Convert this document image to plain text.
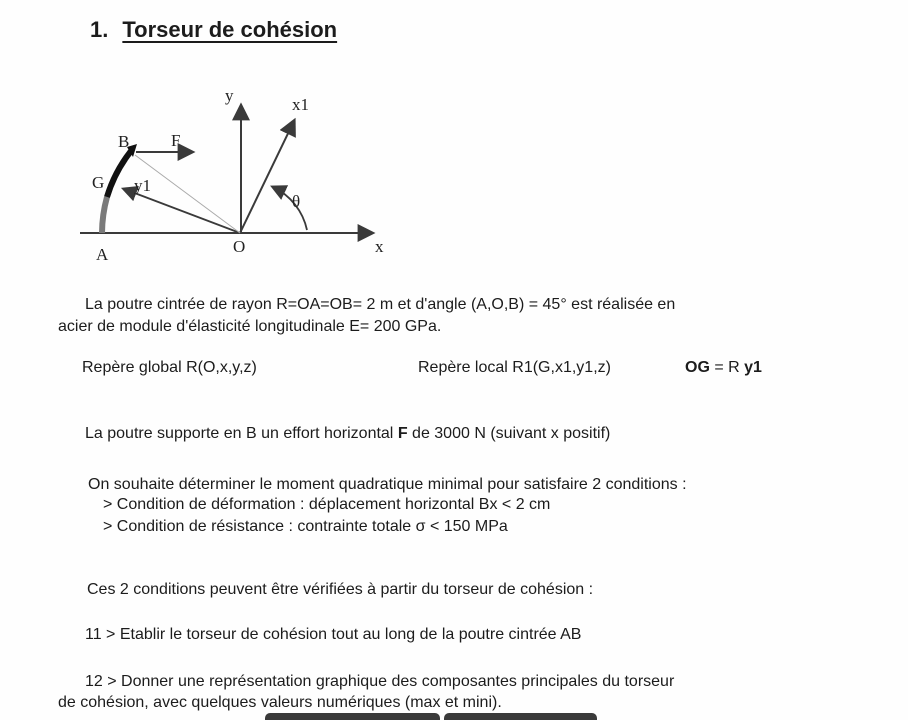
1. Torseur de cohésion
y	x1
x
O
θ
B F
G y1
A
La poutre cintrée de rayon R=OA=OB= 2 m et d'angle (A,O,B) = 45° est réalisée en
acier de module d'élasticité longitudinale E= 200 GPa.
Repère global R(O,x,y,z)	Repère local R1(G,x1,y1,z)	OG = R y1
La poutre supporte en B un effort horizontal F de 3000 N (suivant x positif)
On souhaite déterminer le moment quadratique minimal pour satisfaire 2 conditions :
> Condition de déformation : déplacement horizontal Bx < 2 cm
> Condition de résistance : contrainte totale σ < 150 MPa
Ces 2 conditions peuvent être vérifiées à partir du torseur de cohésion :
11 > Etablir le torseur de cohésion tout au long de la poutre cintrée AB
12 > Donner une représentation graphique des composantes principales du torseur
de cohésion, avec quelques valeurs numériques (max et mini).
